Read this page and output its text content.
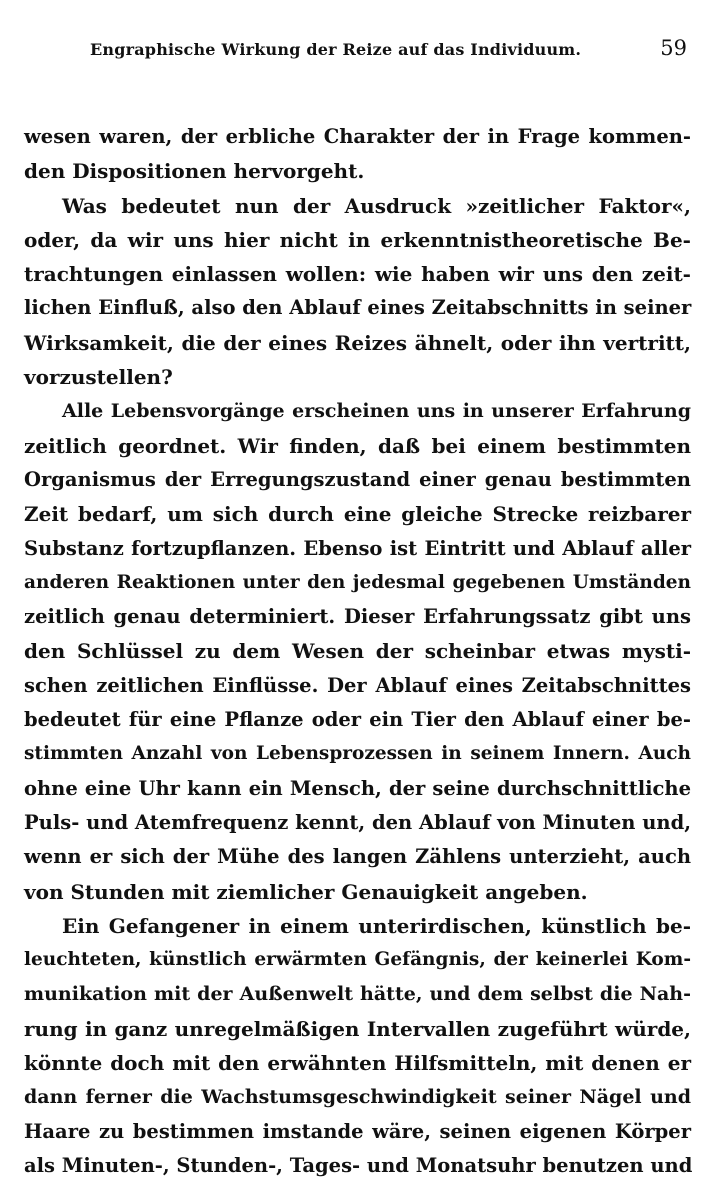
Engraphische Wirkung der Reize auf das Individuum.	59

wesen waren, der erbliche Charakter der in Frage kommen-
den Dispositionen hervorgeht.

Was bedeutet nun der Ausdruck »zeitlicher Faktor«,
oder, da wir uns hier nicht in erkenntnistheoretische Be-
trachtungen einlassen wollen: wie haben wir uns den zeit-
lichen Einfluß, also den Ablauf eines Zeitabschnitts in seiner
Wirksamkeit, die der eines Reizes ähnelt, oder ihn vertritt,
vorzustellen?

Alle Lebensvorgänge erscheinen uns in unserer Erfahrung
zeitlich geordnet. Wir finden, daß bei einem bestimmten
Organismus der Erregungszustand einer genau bestimmten
Zeit bedarf, um sich durch eine gleiche Strecke reizbarer
Substanz fortzupflanzen. Ebenso ist Eintritt und Ablauf aller
anderen Reaktionen unter den jedesmal gegebenen Umständen
zeitlich genau determiniert. Dieser Erfahrungssatz gibt uns
den Schlüssel zu dem Wesen der scheinbar etwas mysti-
schen zeitlichen Einflüsse. Der Ablauf eines Zeitabschnittes
bedeutet für eine Pflanze oder ein Tier den Ablauf einer be-
stimmten Anzahl von Lebensprozessen in seinem Innern. Auch
ohne eine Uhr kann ein Mensch, der seine durchschnittliche
Puls- und Atemfrequenz kennt, den Ablauf von Minuten und,
wenn er sich der Mühe des langen Zählens unterzieht, auch
von Stunden mit ziemlicher Genauigkeit angeben.

Ein Gefangener in einem unterirdischen, künstlich be-
leuchteten, künstlich erwärmten Gefängnis, der keinerlei Kom-
munikation mit der Außenwelt hätte, und dem selbst die Nah-
rung in ganz unregelmäßigen Intervallen zugeführt würde,
könnte doch mit den erwähnten Hilfsmitteln, mit denen er
dann ferner die Wachstumsgeschwindigkeit seiner Nägel und
Haare zu bestimmen imstande wäre, seinen eigenen Körper
als Minuten-, Stunden-, Tages- und Monatsuhr benutzen und
